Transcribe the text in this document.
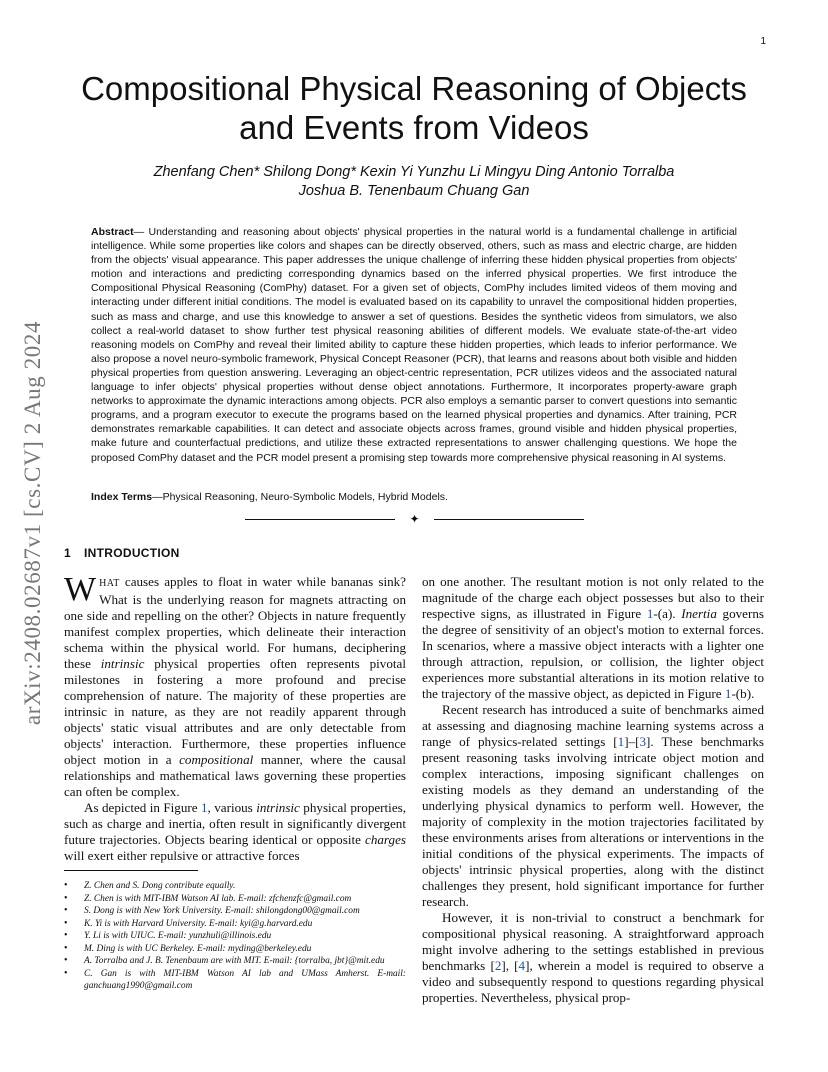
1
arXiv:2408.02687v1 [cs.CV] 2 Aug 2024
Compositional Physical Reasoning of Objects and Events from Videos
Zhenfang Chen* Shilong Dong* Kexin Yi Yunzhu Li Mingyu Ding Antonio Torralba
Joshua B. Tenenbaum Chuang Gan
Abstract— Understanding and reasoning about objects' physical properties in the natural world is a fundamental challenge in artificial intelligence. While some properties like colors and shapes can be directly observed, others, such as mass and electric charge, are hidden from the objects' visual appearance. This paper addresses the unique challenge of inferring these hidden physical properties from objects' motion and interactions and predicting corresponding dynamics based on the inferred physical properties. We first introduce the Compositional Physical Reasoning (ComPhy) dataset. For a given set of objects, ComPhy includes limited videos of them moving and interacting under different initial conditions. The model is evaluated based on its capability to unravel the compositional hidden properties, such as mass and charge, and use this knowledge to answer a set of questions. Besides the synthetic videos from simulators, we also collect a real-world dataset to show further test physical reasoning abilities of different models. We evaluate state-of-the-art video reasoning models on ComPhy and reveal their limited ability to capture these hidden properties, which leads to inferior performance. We also propose a novel neuro-symbolic framework, Physical Concept Reasoner (PCR), that learns and reasons about both visible and hidden physical properties from question answering. Leveraging an object-centric representation, PCR utilizes videos and the associated natural language to infer objects' physical properties without dense object annotations. Furthermore, It incorporates property-aware graph networks to approximate the dynamic interactions among objects. PCR also employs a semantic parser to convert questions into semantic programs, and a program executor to execute the programs based on the learned physical properties and dynamics. After training, PCR demonstrates remarkable capabilities. It can detect and associate objects across frames, ground visible and hidden physical properties, make future and counterfactual predictions, and utilize these extracted representations to answer challenging questions. We hope the proposed ComPhy dataset and the PCR model present a promising step towards more comprehensive physical reasoning in AI systems.
Index Terms—Physical Reasoning, Neuro-Symbolic Models, Hybrid Models.
✦
1 INTRODUCTION

WHAT causes apples to float in water while bananas sink? What is the underlying reason for magnets attracting on one side and repelling on the other? Objects in nature frequently manifest complex properties, which delineate their interaction schema within the physical world. For humans, deciphering these intrinsic physical properties often represents pivotal milestones in fostering a more profound and precise comprehension of nature. The majority of these properties are intrinsic in nature, as they are not readily apparent through objects' static visual attributes and are only detectable from objects' interaction. Furthermore, these properties influence object motion in a compositional manner, where the causal relationships and mathematical laws governing these properties can often be complex.

As depicted in Figure 1, various intrinsic physical properties, such as charge and inertia, often result in significantly divergent future trajectories. Objects bearing identical or opposite charges will exert either repulsive or attractive forces

• Z. Chen and S. Dong contribute equally.
• Z. Chen is with MIT-IBM Watson AI lab. E-mail: zfchenzfc@gmail.com
• S. Dong is with New York University. E-mail: shilongdong00@gmail.com
• K. Yi is with Harvard University. E-mail: kyi@g.harvard.edu
• Y. Li is with UIUC. E-mail: yunzhuli@illinois.edu
• M. Ding is with UC Berkeley. E-mail: myding@berkeley.edu
• A. Torralba and J. B. Tenenbaum are with MIT. E-mail: {torralba, jbt}@mit.edu
• C. Gan is with MIT-IBM Watson AI lab and UMass Amherst. E-mail: ganchuang1990@gmail.com

on one another. The resultant motion is not only related to the magnitude of the charge each object possesses but also to their respective signs, as illustrated in Figure 1-(a). Inertia governs the degree of sensitivity of an object's motion to external forces. In scenarios, where a massive object interacts with a lighter one through attraction, repulsion, or collision, the lighter object experiences more substantial alterations in its motion relative to the trajectory of the massive object, as depicted in Figure 1-(b).

Recent research has introduced a suite of benchmarks aimed at assessing and diagnosing machine learning systems across a range of physics-related settings [1]–[3]. These benchmarks present reasoning tasks involving intricate object motion and complex interactions, imposing significant challenges on existing models as they demand an understanding of the underlying physical dynamics to perform well. However, the majority of complexity in the motion trajectories facilitated by these environments arises from alterations or interventions in the initial conditions of the physical experiments. The impacts of objects' intrinsic physical properties, along with the distinct challenges they present, hold significant importance for further research.

However, it is non-trivial to construct a benchmark for compositional physical reasoning. A straightforward approach might involve adhering to the settings established in previous benchmarks [2], [4], wherein a model is required to observe a video and subsequently respond to questions regarding physical properties. Nevertheless, physical prop-
